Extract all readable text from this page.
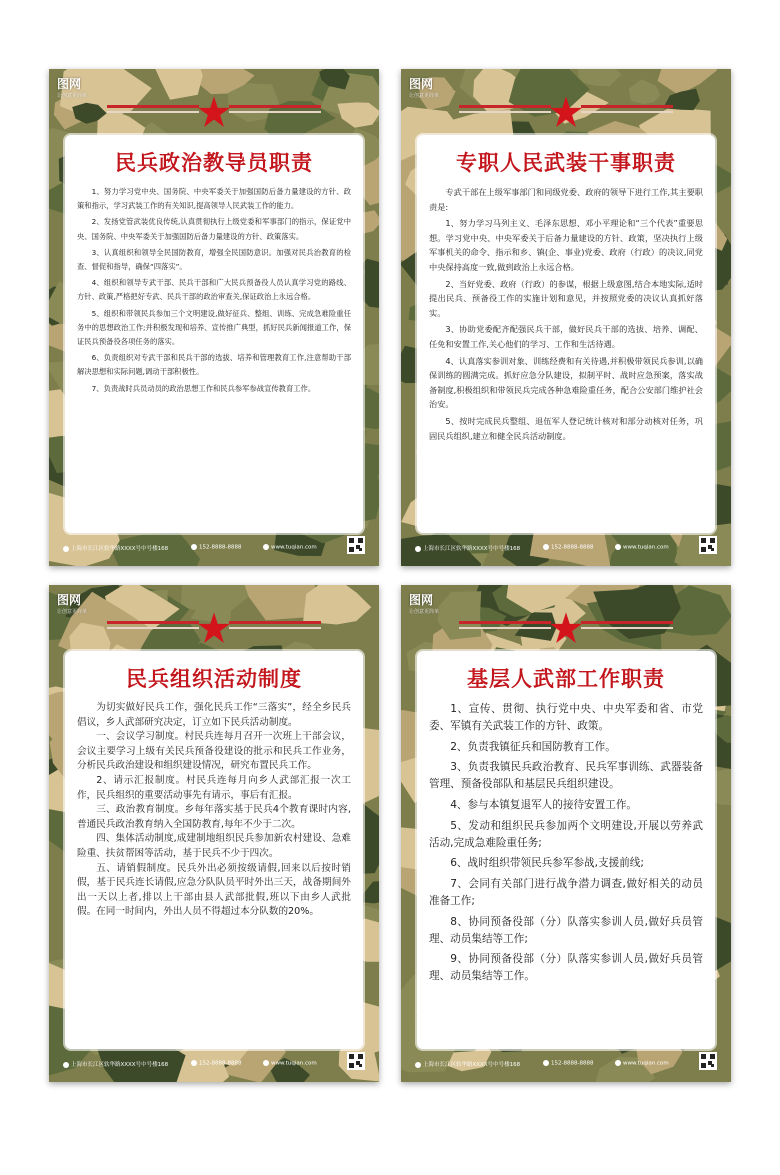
图网
让创意更简单
民兵政治教导员职责

1、努力学习党中央、国务院、中央军委关于加强国防后备力量建设的方针、政策和指示，学习武装工作的有关知识,提高领导人民武装工作的能力。

2、发扬党管武装优良传统,认真贯彻执行上级党委和军事部门的指示，保证党中央、国务院、中央军委关于加强国防后备力量建设的方针、政策落实。

3、认真组织和领导全民国防教育，增强全民国防意识。加强对民兵治教育的检查、督促和指导，确保“四落实”。

4、组织和领导专武干部、民兵干部和广大民兵预备役人员认真学习党的路线、方针、政策,严格把好专武、民兵干部的政治审查关,保证政治上永远合格。

5、组织和带领民兵参加三个文明建设,做好征兵、整组、训练、完成急难险重任务中的思想政治工作;并积极发现和培养、宣传推广典型，抓好民兵新闻报道工作，保证民兵预备役各项任务的落实。

6、负责组织对专武干部和民兵干部的选拔、培养和管理教育工作,注意帮助干部解决思想和实际问题,调动干部积极性。

7、负责战时兵员动员的政治思想工作和民兵参军参战宣传教育工作。

上海市长江区软华路XXXX号中号楼168	152-8888-8888	www.tuqian.com
图网
让创意更简单
专职人民武装干事职责

专武干部在上级军事部门和同级党委、政府的领导下进行工作,其主要职责是:

1、努力学习马列主义、毛泽东思想、邓小平理论和“三个代表”重要思想。学习党中央、中央军委关于后备力量建设的方针、政策，坚决执行上级军事机关的命令、指示和乡、镇(企、事业)党委、政府（行政）的决议,同党中央保持高度一致,做到政治上永远合格。

2、当好党委、政府（行政）的参谋，根据上级意图,结合本地实际,适时提出民兵、预备役工作的实施计划和意见，并按照党委的决议认真抓好落实。

3、协助党委配齐配强民兵干部，做好民兵干部的选拔、培养、调配、任免和安置工作,关心他们的学习、工作和生活待遇。

4、认真落实参训对象、训练经费和有关待遇,并积极带领民兵参训,以确保训练的圆满完成。抓好应急分队建设，拟制平时、战时应急预案，落实战备制度,积极组织和带领民兵完成各种急难险重任务，配合公安部门维护社会治安。

5、按时完成民兵整组、退伍军人登记统计核对和部分动核对任务，巩固民兵组织,建立和健全民兵活动制度。

上海市长江区软华路XXXX号中号楼168	152-8888-8888	www.tuqian.com
图网
让创意更简单
民兵组织活动制度

为切实做好民兵工作，强化民兵工作“三落实”，经全乡民兵倡议，乡人武部研究决定，订立如下民兵活动制度。

一、会议学习制度。村民兵连每月召开一次班上干部会议，会议主要学习上级有关民兵预备役建设的批示和民兵工作业务，分析民兵政治建设和组织建设情况，研究布置民兵工作。

2、请示汇报制度。村民兵连每月向乡人武部汇报一次工作，民兵组织的重要活动事先有请示，事后有汇报。

三、政治教育制度。乡每年落实基于民兵4个教育课时内容,普通民兵政治教育纳入全国防教育,每年不少于二次。

四、集体活动制度,成建制地组织民兵参加新农村建设、急难险重、扶贫帮困等活动，基于民兵不少于四次。

五、请销假制度。民兵外出必须按级请假,回来以后按时销假，基于民兵连长请假,应急分队队员平时外出三天，战备期间外出一天以上者,排以上干部由县人武部批假,班以下由乡人武批假。在同一时间内，外出人员不得超过本分队数的20%。

上海市长江区软华路XXXX号中号楼168	152-8888-8888	www.tuqian.com
图网
让创意更简单
基层人武部工作职责

1、宣传、贯彻、执行党中央、中央军委和省、市党委、军镇有关武装工作的方针、政策。

2、负责我镇征兵和国防教育工作。

3、负责我镇民兵政治教育、民兵军事训练、武器装备管理、预备役部队和基层民兵组织建设。

4、参与本镇复退军人的接待安置工作。

5、发动和组织民兵参加两个文明建设,开展以劳养武活动,完成急难险重任务;

6、战时组织带领民兵参军参战,支援前线;

7、会同有关部门进行战争潜力调查,做好相关的动员准备工作;

8、协同预备役部（分）队落实参训人员,做好兵员管理、动员集结等工作;

9、协同预备役部（分）队落实参训人员,做好兵员管理、动员集结等工作。

上海市长江区软华路XXXX号中号楼168	152-8888-8888	www.tuqian.com
